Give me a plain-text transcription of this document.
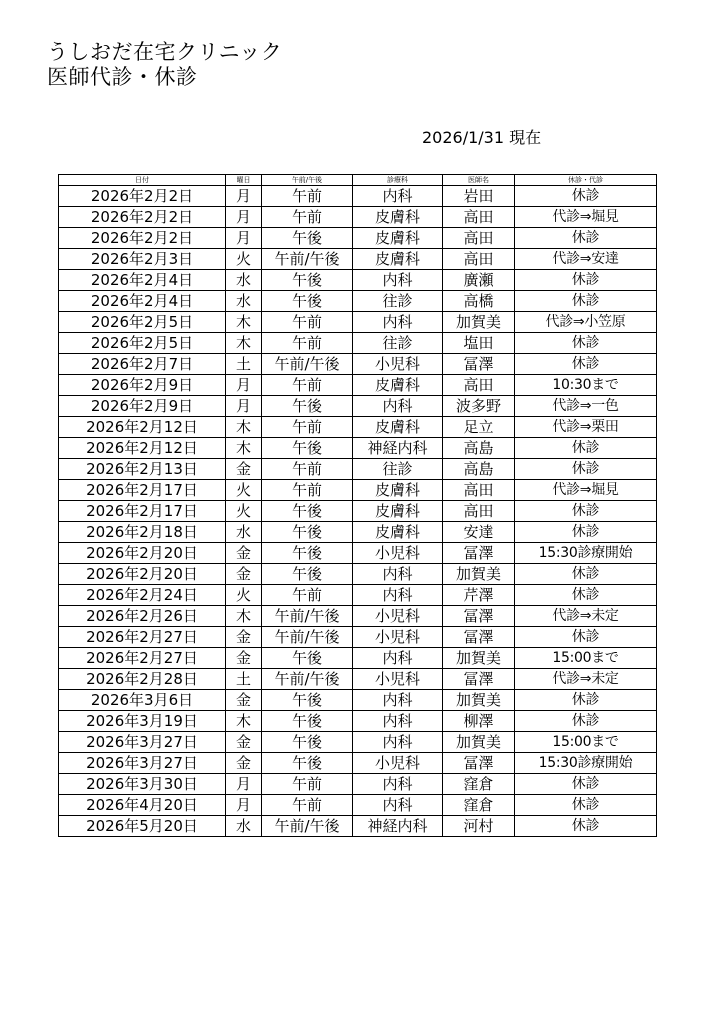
うしおだ在宅クリニック
医師代診・休診
2026/1/31 現在
日付	曜日	午前/午後	診療科	医師名	休診・代診
2026年2月2日	月	午前	内科	岩田	休診
2026年2月2日	月	午前	皮膚科	高田	代診⇒堀見
2026年2月2日	月	午後	皮膚科	高田	休診
2026年2月3日	火	午前/午後	皮膚科	高田	代診⇒安達
2026年2月4日	水	午後	内科	廣瀬	休診
2026年2月4日	水	午後	往診	高橋	休診
2026年2月5日	木	午前	内科	加賀美	代診⇒小笠原
2026年2月5日	木	午前	往診	塩田	休診
2026年2月7日	土	午前/午後	小児科	冨澤	休診
2026年2月9日	月	午前	皮膚科	高田	10:30まで
2026年2月9日	月	午後	内科	波多野	代診⇒一色
2026年2月12日	木	午前	皮膚科	足立	代診⇒栗田
2026年2月12日	木	午後	神経内科	高島	休診
2026年2月13日	金	午前	往診	高島	休診
2026年2月17日	火	午前	皮膚科	高田	代診⇒堀見
2026年2月17日	火	午後	皮膚科	高田	休診
2026年2月18日	水	午後	皮膚科	安達	休診
2026年2月20日	金	午後	小児科	冨澤	15:30診療開始
2026年2月20日	金	午後	内科	加賀美	休診
2026年2月24日	火	午前	内科	芹澤	休診
2026年2月26日	木	午前/午後	小児科	冨澤	代診⇒未定
2026年2月27日	金	午前/午後	小児科	冨澤	休診
2026年2月27日	金	午後	内科	加賀美	15:00まで
2026年2月28日	土	午前/午後	小児科	冨澤	代診⇒未定
2026年3月6日	金	午後	内科	加賀美	休診
2026年3月19日	木	午後	内科	柳澤	休診
2026年3月27日	金	午後	内科	加賀美	15:00まで
2026年3月27日	金	午後	小児科	冨澤	15:30診療開始
2026年3月30日	月	午前	内科	窪倉	休診
2026年4月20日	月	午前	内科	窪倉	休診
2026年5月20日	水	午前/午後	神経内科	河村	休診
